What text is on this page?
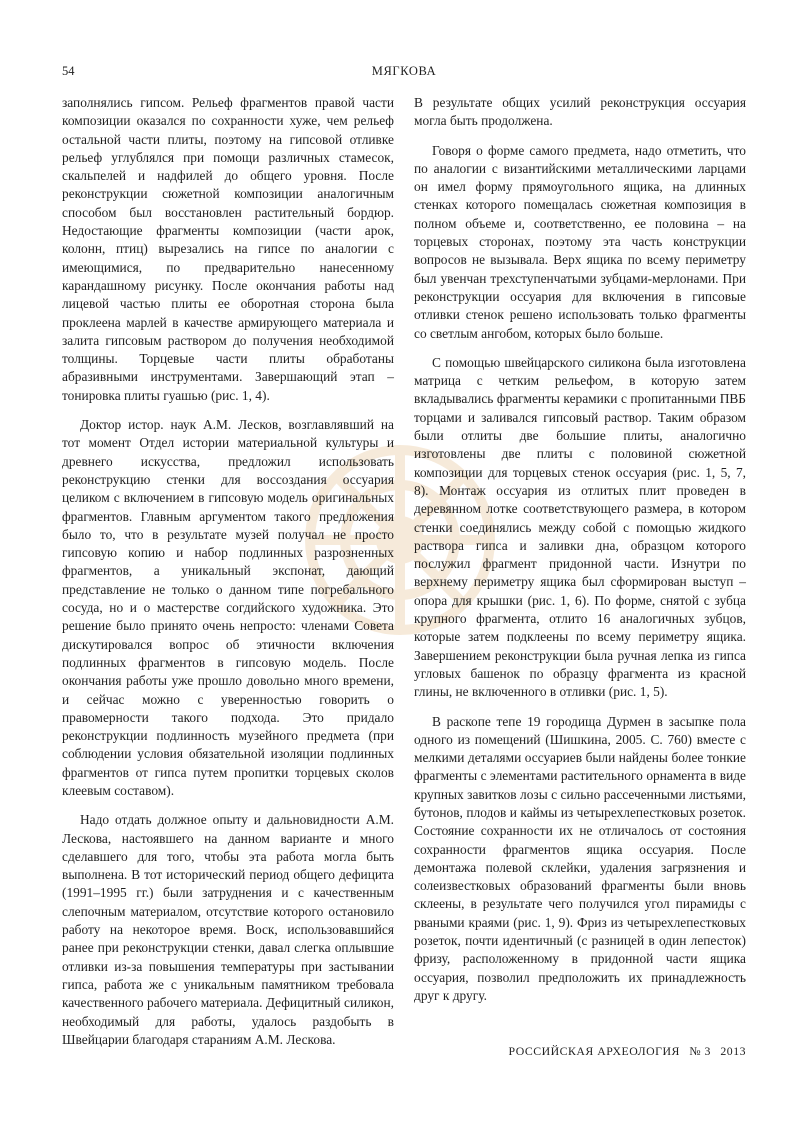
54	МЯГКОВА

заполнялись гипсом. Рельеф фрагментов правой части композиции оказался по сохранности хуже, чем рельеф остальной части плиты, поэтому на гипсовой отливке рельеф углублялся при помощи различных стамесок, скальпелей и надфилей до общего уровня. После реконструкции сюжетной композиции аналогичным способом был восстановлен растительный бордюр. Недостающие фрагменты композиции (части арок, колонн, птиц) вырезались на гипсе по аналогии с имеющимися, по предварительно нанесенному карандашному рисунку. После окончания работы над лицевой частью плиты ее оборотная сторона была проклеена марлей в качестве армирующего материала и залита гипсовым раствором до получения необходимой толщины. Торцевые части плиты обработаны абразивными инструментами. Завершающий этап – тонировка плиты гуашью (рис. 1, 4).

Доктор истор. наук А.М. Лесков, возглавлявший на тот момент Отдел истории материальной культуры и древнего искусства, предложил использовать реконструкцию стенки для воссоздания оссуария целиком с включением в гипсовую модель оригинальных фрагментов. Главным аргументом такого предложения было то, что в результате музей получал не просто гипсовую копию и набор подлинных разрозненных фрагментов, а уникальный экспонат, дающий представление не только о данном типе погребального сосуда, но и о мастерстве согдийского художника. Это решение было принято очень непросто: членами Совета дискутировался вопрос об этичности включения подлинных фрагментов в гипсовую модель. После окончания работы уже прошло довольно много времени, и сейчас можно с уверенностью говорить о правомерности такого подхода. Это придало реконструкции подлинность музейного предмета (при соблюдении условия обязательной изоляции подлинных фрагментов от гипса путем пропитки торцевых сколов клеевым составом).

Надо отдать должное опыту и дальновидности А.М. Лескова, настоявшего на данном варианте и много сделавшего для того, чтобы эта работа могла быть выполнена. В тот исторический период общего дефицита (1991–1995 гг.) были затруднения и с качественным слепочным материалом, отсутствие которого остановило работу на некоторое время. Воск, использовавшийся ранее при реконструкции стенки, давал слегка оплывшие отливки из-за повышения температуры при застывании гипса, работа же с уникальным памятником требовала качественного рабочего материала. Дефицитный силикон, необходимый для работы, удалось раздобыть в Швейцарии благодаря стараниям А.М. Лескова.

В результате общих усилий реконструкция оссуария могла быть продолжена.

Говоря о форме самого предмета, надо отметить, что по аналогии с византийскими металлическими ларцами он имел форму прямоугольного ящика, на длинных стенках которого помещалась сюжетная композиция в полном объеме и, соответственно, ее половина – на торцевых сторонах, поэтому эта часть конструкции вопросов не вызывала. Верх ящика по всему периметру был увенчан трехступенчатыми зубцами-мерлонами. При реконструкции оссуария для включения в гипсовые отливки стенок решено использовать только фрагменты со светлым ангобом, которых было больше.

С помощью швейцарского силикона была изготовлена матрица с четким рельефом, в которую затем вкладывались фрагменты керамики с пропитанными ПВБ торцами и заливался гипсовый раствор. Таким образом были отлиты две большие плиты, аналогично изготовлены две плиты с половиной сюжетной композиции для торцевых стенок оссуария (рис. 1, 5, 7, 8). Монтаж оссуария из отлитых плит проведен в деревянном лотке соответствующего размера, в котором стенки соединялись между собой с помощью жидкого раствора гипса и заливки дна, образцом которого послужил фрагмент придонной части. Изнутри по верхнему периметру ящика был сформирован выступ – опора для крышки (рис. 1, 6). По форме, снятой с зубца крупного фрагмента, отлито 16 аналогичных зубцов, которые затем подклеены по всему периметру ящика. Завершением реконструкции была ручная лепка из гипса угловых башенок по образцу фрагмента из красной глины, не включенного в отливки (рис. 1, 5).

В раскопе тепе 19 городища Дурмен в засыпке пола одного из помещений (Шишкина, 2005. С. 760) вместе с мелкими деталями оссуариев были найдены более тонкие фрагменты с элементами растительного орнамента в виде крупных завитков лозы с сильно рассеченными листьями, бутонов, плодов и каймы из четырехлепестковых розеток. Состояние сохранности их не отличалось от состояния сохранности фрагментов ящика оссуария. После демонтажа полевой склейки, удаления загрязнения и солеизвестковых образований фрагменты были вновь склеены, в результате чего получился угол пирамиды с рваными краями (рис. 1, 9). Фриз из четырехлепестковых розеток, почти идентичный (с разницей в один лепесток) фризу, расположенному в придонной части ящика оссуария, позволил предположить их принадлежность друг к другу.

РОССИЙСКАЯ АРХЕОЛОГИЯ № 3 2013
